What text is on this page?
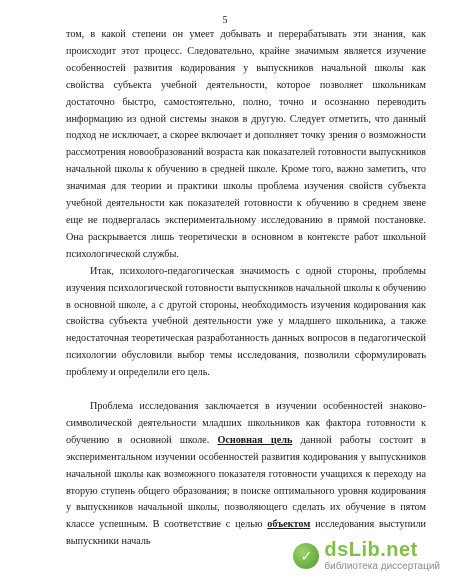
5

том, в какой степени он умеет добывать и перерабатывать эти знания, как происходит этот процесс. Следовательно, крайне значимым является изучение особенностей развития кодирования у выпускников начальной школы как свойства субъекта учебной деятельности, которое позволяет школьникам достаточно быстро, самостоятельно, полно, точно и осознанно переводить информацию из одной системы знаков в другую. Следует отметить, что данный подход не исключает, а скорее включает и дополняет точку зрения о возможности рассмотрения новообразований возраста как показателей готовности выпускников начальной школы к обучению в средней школе. Кроме того, важно заметить, что значимая для теории и практики школы проблема изучения свойств субъекта учебной деятельности как показателей готовности к обучению в среднем звене еще не подвергалась экспериментальному исследованию в прямой постановке. Она раскрывается лишь теоретически в основном в контексте работ школьной психологической службы.

Итак, психолого-педагогическая значимость с одной стороны, проблемы изучения психологической готовности выпускников начальной школы к обучению в основной школе, а с другой стороны, необходимость изучения кодирования как свойства субъекта учебной деятельности уже у младшего школьника, а также недостаточная теоретическая разработанность данных вопросов в педагогической психологии обусловили выбор темы исследования, позволили сформулировать проблему и определили его цель.

Проблема исследования заключается в изучении особенностей знаково-символической деятельности младших школьников как фактора готовности к обучению в основной школе. Основная цель данной работы состоит в экспериментальном изучении особенностей развития кодирования у выпускников начальной школы как возможного показателя готовности учащихся к переходу на вторую ступень общего образования; в поиске оптимального уровня кодирования у выпускников начальной школы, позволяющего сделать их обучение в пятом классе успешным. В соответствие с целью объектом исследования выступили выпускники началь

✓ dsLib.net
библиотека диссертаций
